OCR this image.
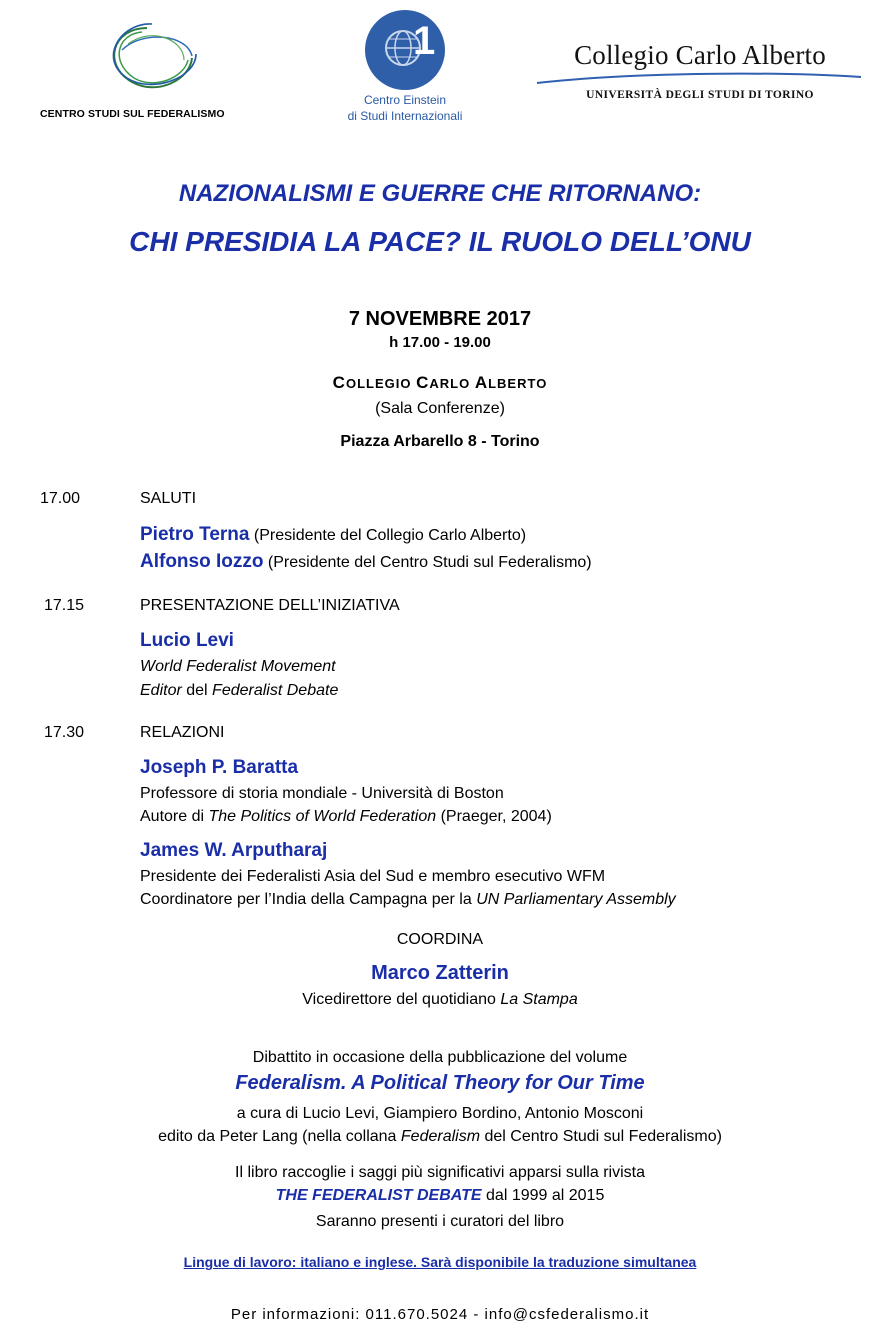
CENTRO STUDI SUL FEDERALISMO
1
Centro Einstein
di Studi Internazionali
Collegio Carlo Alberto
UNIVERSITÀ DEGLI STUDI DI TORINO
NAZIONALISMI E GUERRE CHE RITORNANO:
CHI PRESIDIA LA PACE? IL RUOLO DELL’ONU
7 NOVEMBRE 2017
h 17.00 - 19.00
COLLEGIO CARLO ALBERTO
(Sala Conferenze)
Piazza Arbarello 8 - Torino
17.00	SALUTI
Pietro Terna (Presidente del Collegio Carlo Alberto)
Alfonso Iozzo (Presidente del Centro Studi sul Federalismo)
17.15	PRESENTAZIONE DELL’INIZIATIVA
Lucio Levi
World Federalist Movement
Editor del Federalist Debate
17.30	RELAZIONI
Joseph P. Baratta
Professore di storia mondiale - Università di Boston
Autore di The Politics of World Federation (Praeger, 2004)
James W. Arputharaj
Presidente dei Federalisti Asia del Sud e membro esecutivo WFM
Coordinatore per l’India della Campagna per la UN Parliamentary Assembly
COORDINA
Marco Zatterin
Vicedirettore del quotidiano La Stampa
Dibattito in occasione della pubblicazione del volume
Federalism. A Political Theory for Our Time
a cura di Lucio Levi, Giampiero Bordino, Antonio Mosconi
edito da Peter Lang (nella collana Federalism del Centro Studi sul Federalismo)
Il libro raccoglie i saggi più significativi apparsi sulla rivista
THE FEDERALIST DEBATE dal 1999 al 2015
Saranno presenti i curatori del libro
Lingue di lavoro: italiano e inglese. Sarà disponibile la traduzione simultanea
Per informazioni: 011.670.5024 - info@csfederalismo.it
